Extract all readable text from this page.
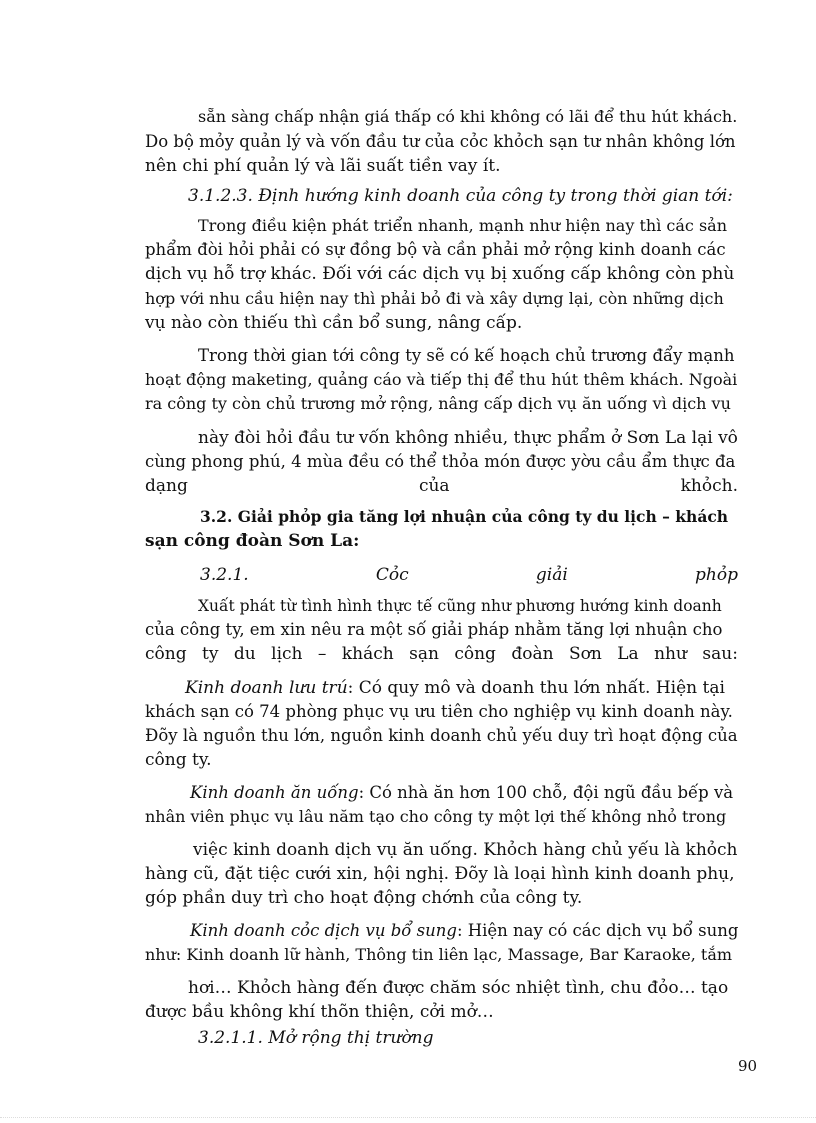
sẵn sàng chấp nhận giá thấp có khi không có lãi để thu hút khách.
Do bộ mỏy quản lý và vốn đầu tư của cỏc khỏch sạn tư nhân không lớn
nên chi phí quản lý và lãi suất tiền vay ít.
3.1.2.3. Định hướng kinh doanh của công ty trong thời gian tới:
Trong điều kiện phát triển nhanh, mạnh như hiện nay thì các sản
phẩm đòi hỏi phải có sự đồng bộ và cần phải mở rộng kinh doanh các
dịch vụ hỗ trợ khác. Đối với các dịch vụ bị xuống cấp không còn phù
hợp với nhu cầu hiện nay thì phải bỏ đi và xây dựng lại, còn những dịch
vụ nào còn thiếu thì cần bổ sung, nâng cấp.
Trong thời gian tới công ty sẽ có kế hoạch chủ trương đẩy mạnh
hoạt động maketing, quảng cáo và tiếp thị để thu hút thêm khách. Ngoài
ra công ty còn chủ trương mở rộng, nâng cấp dịch vụ ăn uống vì dịch vụ
này đòi hỏi đầu tư vốn không nhiều, thực phẩm ở Sơn La lại vô
cùng phong phú, 4 mùa đều có thể thỏa món được yờu cầu ẩm thực đa
dạng	của	khỏch.
3.2. Giải phỏp gia tăng lợi nhuận của công ty du lịch – khách
sạn công đoàn Sơn La:
3.2.1.	Cỏc	giải	phỏp
Xuất phát từ tình hình thực tế cũng như phương hướng kinh doanh
của công ty, em xin nêu ra một số giải pháp nhằm tăng lợi nhuận cho
công ty du lịch – khách sạn công đoàn Sơn La như sau:
Kinh doanh lưu trú: Có quy mô và doanh thu lớn nhất. Hiện tại
khách sạn có 74 phòng phục vụ ưu tiên cho nghiệp vụ kinh doanh này.
Đõy là nguồn thu lớn, nguồn kinh doanh chủ yếu duy trì hoạt động của
công ty.
Kinh doanh ăn uống: Có nhà ăn hơn 100 chỗ, đội ngũ đầu bếp và
nhân viên phục vụ lâu năm tạo cho công ty một lợi thế không nhỏ trong
việc kinh doanh dịch vụ ăn uống. Khỏch hàng chủ yếu là khỏch
hàng cũ, đặt tiệc cưới xin, hội nghị. Đõy là loại hình kinh doanh phụ,
góp phần duy trì cho hoạt động chớnh của công ty.
Kinh doanh cỏc dịch vụ bổ sung: Hiện nay có các dịch vụ bổ sung
như: Kinh doanh lữ hành, Thông tin liên lạc, Massage, Bar Karaoke, tắm
hơi… Khỏch hàng đến được chăm sóc nhiệt tình, chu đỏo… tạo
được bầu không khí thõn thiện, cởi mở…
3.2.1.1. Mở rộng thị trường
90
